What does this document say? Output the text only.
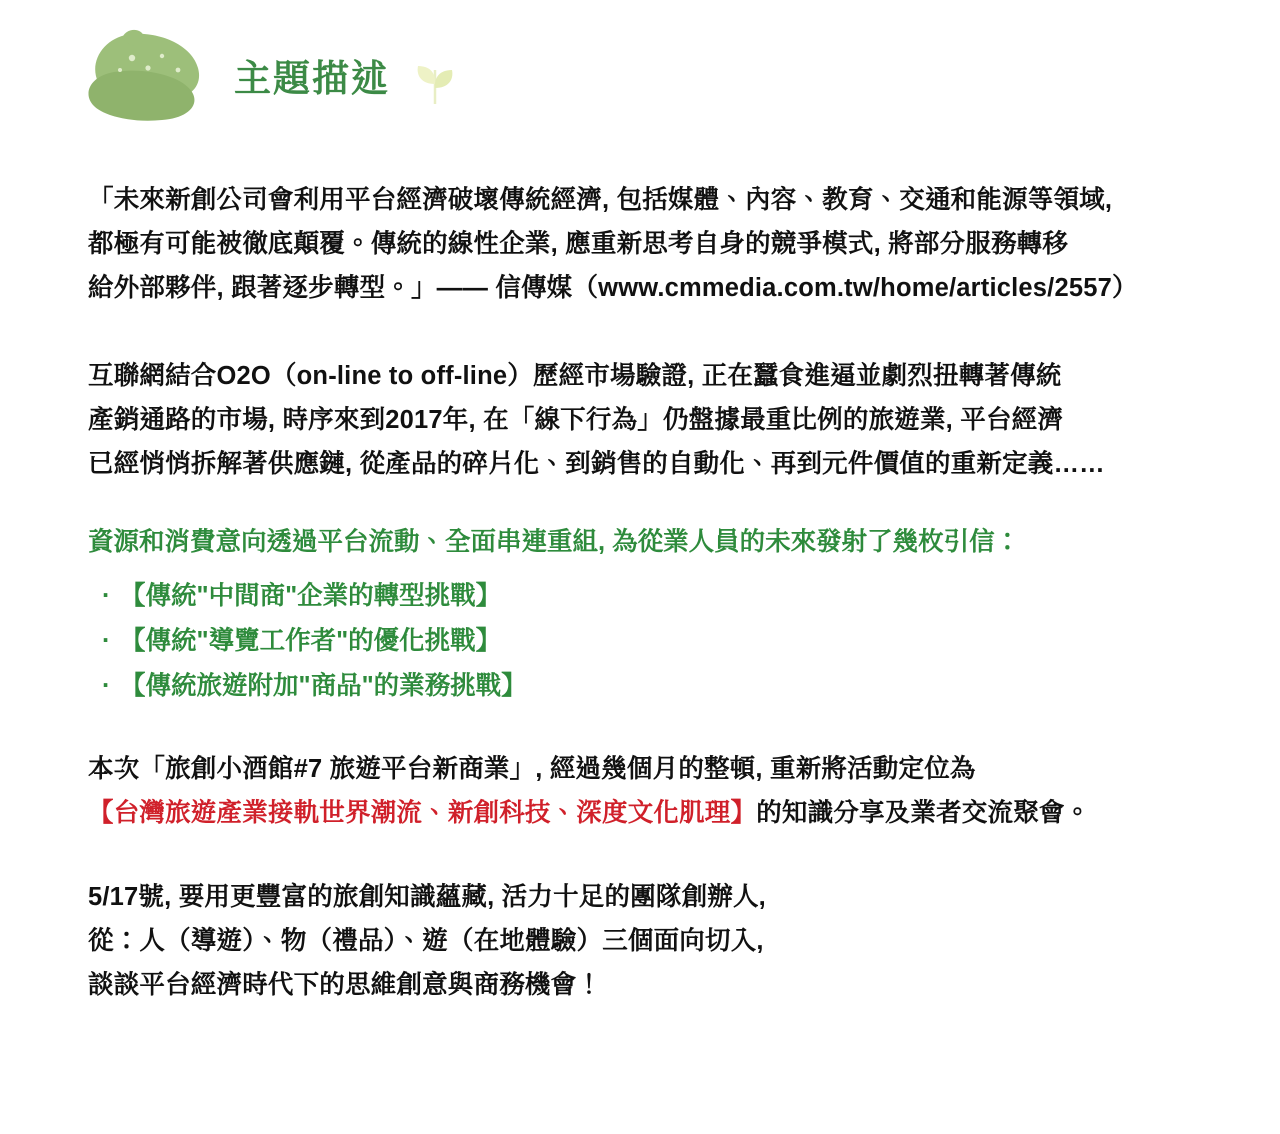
主題描述

「未來新創公司會利用平台經濟破壞傳統經濟, 包括媒體、內容、教育、交通和能源等領域,
都極有可能被徹底顛覆。傳統的線性企業, 應重新思考自身的競爭模式, 將部分服務轉移
給外部夥伴, 跟著逐步轉型。」—— 信傳媒（www.cmmedia.com.tw/home/articles/2557）

互聯網結合O2O（on-line to off-line）歷經市場驗證, 正在蠶食進逼並劇烈扭轉著傳統
產銷通路的市場, 時序來到2017年, 在「線下行為」仍盤據最重比例的旅遊業, 平台經濟
已經悄悄拆解著供應鏈, 從產品的碎片化、到銷售的自動化、再到元件價值的重新定義……

資源和消費意向透過平台流動、全面串連重組, 為從業人員的未來發射了幾枚引信：

· 【傳統"中間商"企業的轉型挑戰】
· 【傳統"導覽工作者"的優化挑戰】
· 【傳統旅遊附加"商品"的業務挑戰】

本次「旅創小酒館#7 旅遊平台新商業」, 經過幾個月的整頓, 重新將活動定位為
【台灣旅遊產業接軌世界潮流、新創科技、深度文化肌理】的知識分享及業者交流聚會。

5/17號, 要用更豐富的旅創知識蘊藏, 活力十足的團隊創辦人,
從：人（導遊）、物（禮品）、遊（在地體驗）三個面向切入,
談談平台經濟時代下的思維創意與商務機會！
